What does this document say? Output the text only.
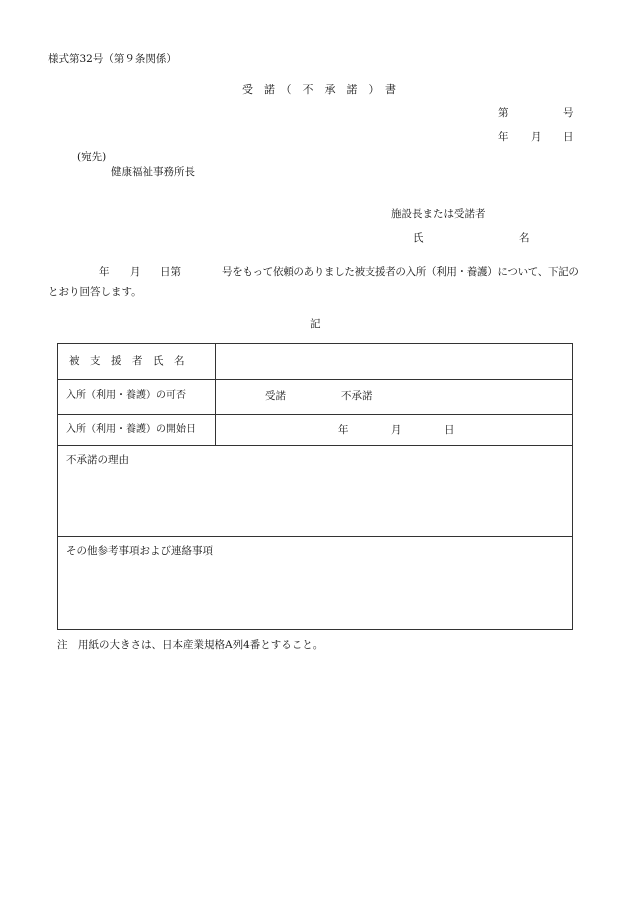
様式第32号（第９条関係）
受　諾　（　不　承　諾　）　書
第	号
年 月 日
(宛先)
健康福祉事務所長
施設長または受諾者
氏	名
年 月 日第	号をもって依頼のありました被支援者の入所（利用・養護）について、下記の
とおり回答します。
記
被　支　援　者　氏　名
入所（利用・養護）の可否	受諾	不承諾
入所（利用・養護）の開始日	年	月	日
不承諾の理由
その他参考事項および連絡事項
注　用紙の大きさは、日本産業規格A列4番とすること。
